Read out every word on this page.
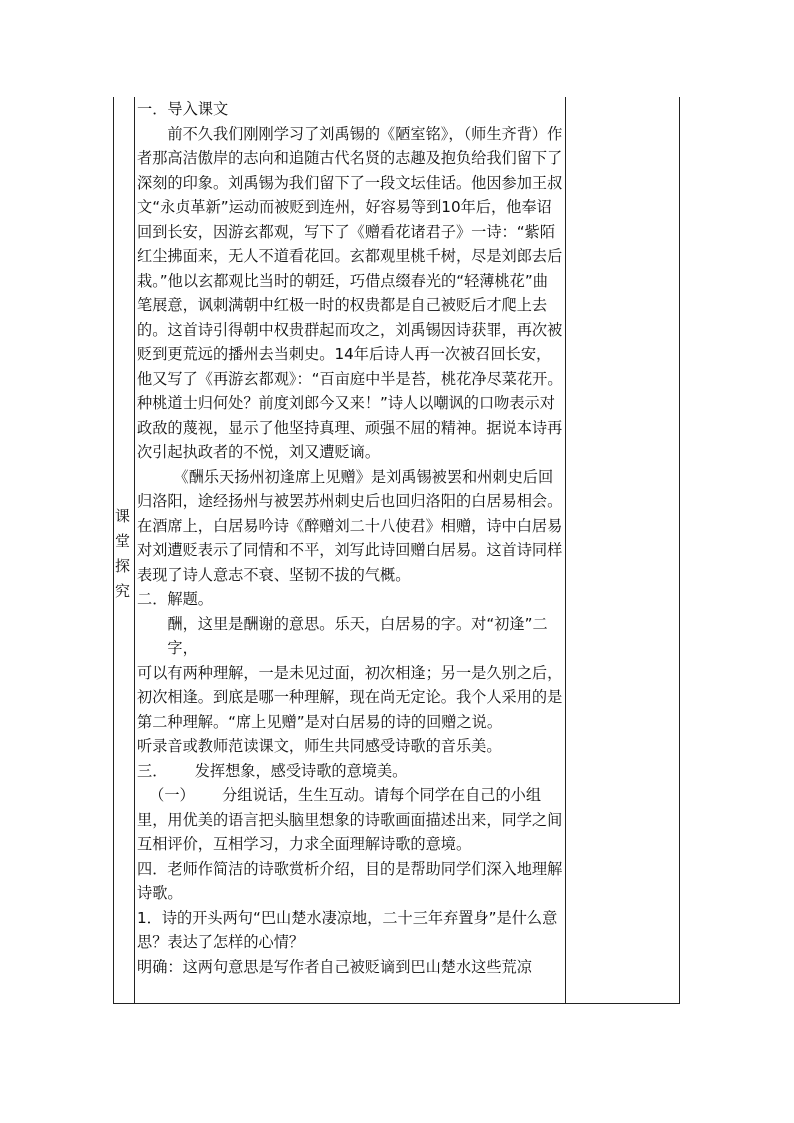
课
堂
探
究

一．导入课文

前不久我们刚刚学习了刘禹锡的《陋室铭》，（师生齐背）作者那高洁傲岸的志向和追随古代名贤的志趣及抱负给我们留下了深刻的印象。刘禹锡为我们留下了一段文坛佳话。他因参加王叔文“永贞革新”运动而被贬到连州，好容易等到10年后，他奉诏回到长安，因游玄都观，写下了《赠看花诸君子》一诗：“紫陌红尘拂面来，无人不道看花回。玄都观里桃千树，尽是刘郎去后栽。”他以玄都观比当时的朝廷，巧借点缀春光的“轻薄桃花”曲笔展意，讽刺满朝中红极一时的权贵都是自己被贬后才爬上去的。这首诗引得朝中权贵群起而攻之，刘禹锡因诗获罪，再次被贬到更荒远的播州去当刺史。14年后诗人再一次被召回长安，他又写了《再游玄都观》：“百亩庭中半是苔，桃花净尽菜花开。种桃道士归何处？前度刘郎今又来！”诗人以嘲讽的口吻表示对政敌的蔑视，显示了他坚持真理、顽强不屈的精神。据说本诗再次引起执政者的不悦，刘又遭贬谪。

《酬乐天扬州初逢席上见赠》是刘禹锡被罢和州刺史后回归洛阳，途经扬州与被罢苏州刺史后也回归洛阳的白居易相会。在酒席上，白居易吟诗《醉赠刘二十八使君》相赠，诗中白居易对刘遭贬表示了同情和不平，刘写此诗回赠白居易。这首诗同样表现了诗人意志不衰、坚韧不拔的气概。

二．解题。

酬，这里是酬谢的意思。乐天，白居易的字。对“初逢”二字，

可以有两种理解，一是未见过面，初次相逢；另一是久别之后，初次相逢。到底是哪一种理解，现在尚无定论。我个人采用的是第二种理解。“席上见赠”是对白居易的诗的回赠之说。

听录音或教师范读课文，师生共同感受诗歌的音乐美。

三． 发挥想象，感受诗歌的意境美。

（一） 分组说话，生生互动。请每个同学在自己的小组里，用优美的语言把头脑里想象的诗歌画面描述出来，同学之间互相评价，互相学习，力求全面理解诗歌的意境。

四．老师作简洁的诗歌赏析介绍，目的是帮助同学们深入地理解诗歌。

1．诗的开头两句“巴山楚水凄凉地，二十三年弃置身”是什么意思？表达了怎样的心情？

明确：这两句意思是写作者自己被贬谪到巴山楚水这些荒凉
